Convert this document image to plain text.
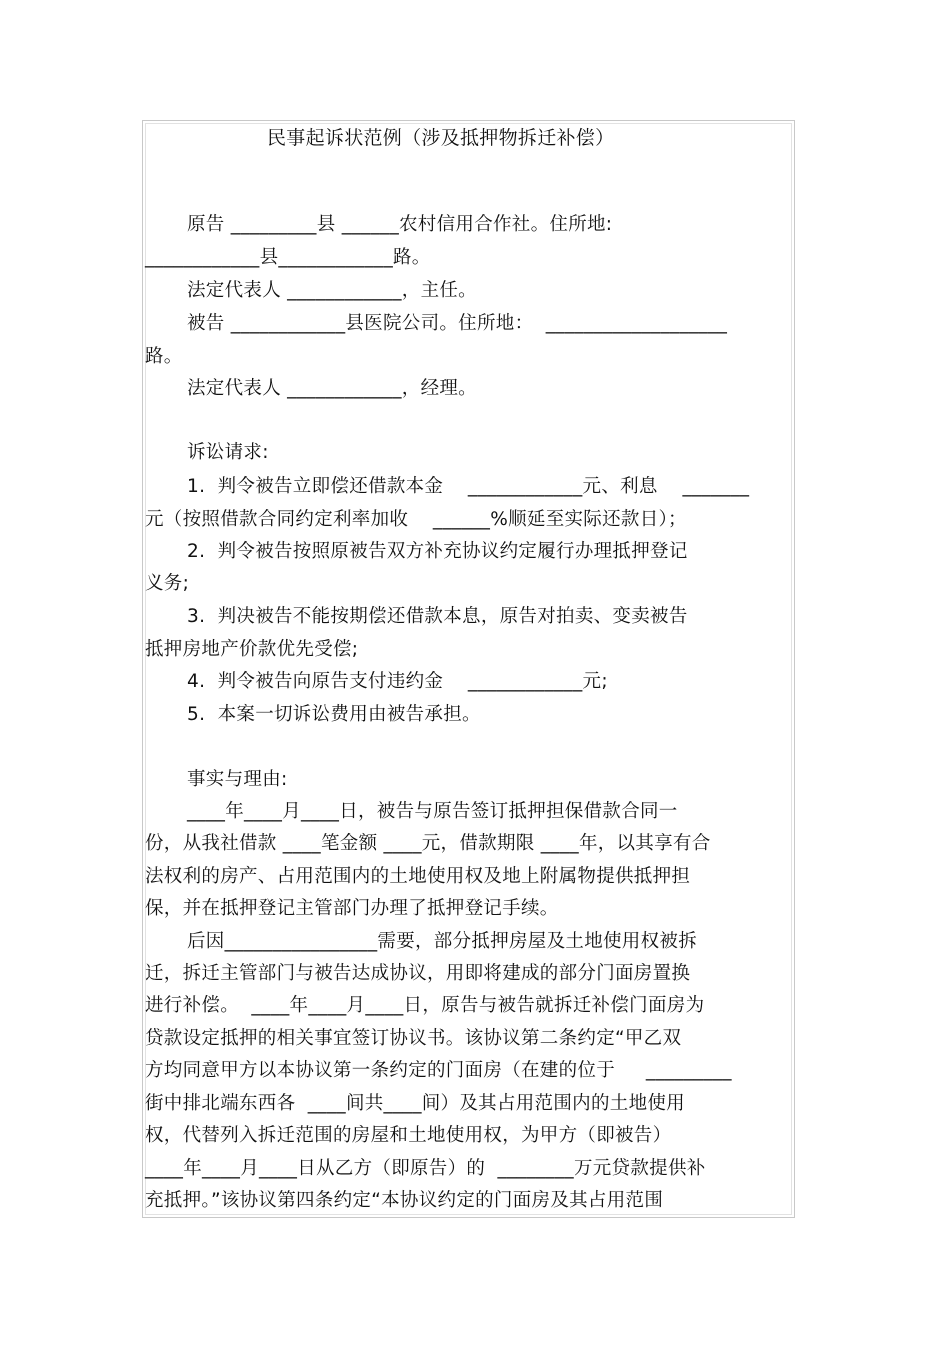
民事起诉状范例（涉及抵押物拆迁补偿）
原告 _________县 ______农村信用合作社。住所地:
____________县____________路。
法定代表人 ____________，主任。
被告 ____________县医院公司。住所地：  ___________________
路。
法定代表人 ____________，经理。
诉讼请求:
1.  判令被告立即偿还借款本金    ____________元、利息    _______
元（按照借款合同约定利率加收    ______%顺延至实际还款日）；
2.  判令被告按照原被告双方补充协议约定履行办理抵押登记
义务;
3.  判决被告不能按期偿还借款本息，原告对拍卖、变卖被告
抵押房地产价款优先受偿;
4.  判令被告向原告支付违约金    ____________元;
5.  本案一切诉讼费用由被告承担。
事实与理由:
____年____月____日，被告与原告签订抵押担保借款合同一
份，从我社借款 ____笔金额 ____元，借款期限 ____年，以其享有合
法权利的房产、占用范围内的土地使用权及地上附属物提供抵押担
保，并在抵押登记主管部门办理了抵押登记手续。
后因________________需要，部分抵押房屋及土地使用权被拆
迁，拆迁主管部门与被告达成协议，用即将建成的部分门面房置换
进行补偿。  ____年____月____日，原告与被告就拆迁补偿门面房为
贷款设定抵押的相关事宜签订协议书。该协议第二条约定“甲乙双
方均同意甲方以本协议第一条约定的门面房（在建的位于     _________
街中排北端东西各  ____间共____间）及其占用范围内的土地使用
权，代替列入拆迁范围的房屋和土地使用权，为甲方（即被告）
____年____月____日从乙方（即原告）的  ________万元贷款提供补
充抵押。”该协议第四条约定“本协议约定的门面房及其占用范围
